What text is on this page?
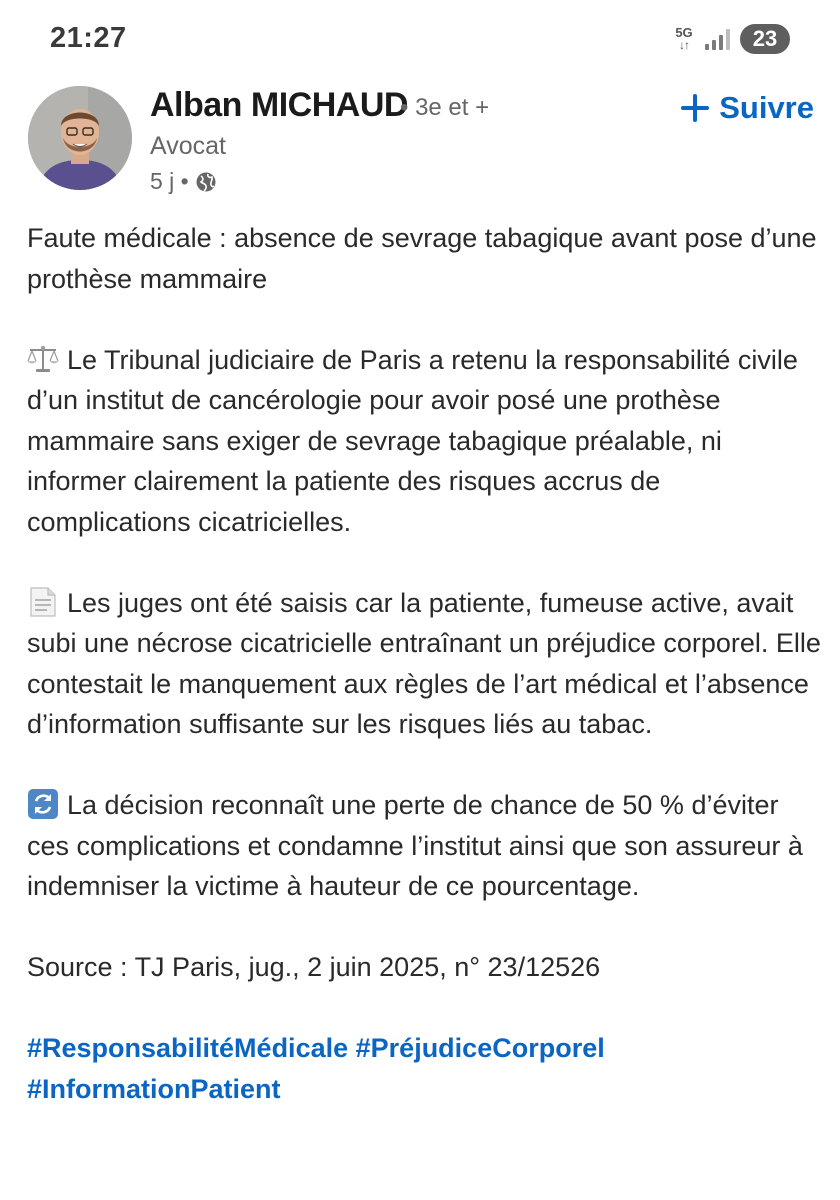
21:27	5G
↓↑	23
Alban MICHAUD
• 3e et +
Avocat
5 j •
Suivre

Faute médicale : absence de sevrage tabagique avant pose d’une prothèse mammaire

Le Tribunal judiciaire de Paris a retenu la responsabilité civile d’un institut de cancérologie pour avoir posé une prothèse mammaire sans exiger de sevrage tabagique préalable, ni informer clairement la patiente des risques accrus de complications cicatricielles.

Les juges ont été saisis car la patiente, fumeuse active, avait subi une nécrose cicatricielle entraînant un préjudice corporel. Elle contestait le manquement aux règles de l’art médical et l’absence d’information suffisante sur les risques liés au tabac.

La décision reconnaît une perte de chance de 50 % d’éviter ces complications et condamne l’institut ainsi que son assureur à indemniser la victime à hauteur de ce pourcentage.

Source : TJ Paris, jug., 2 juin 2025, n° 23/12526

#ResponsabilitéMédicale #PréjudiceCorporel
#InformationPatient
